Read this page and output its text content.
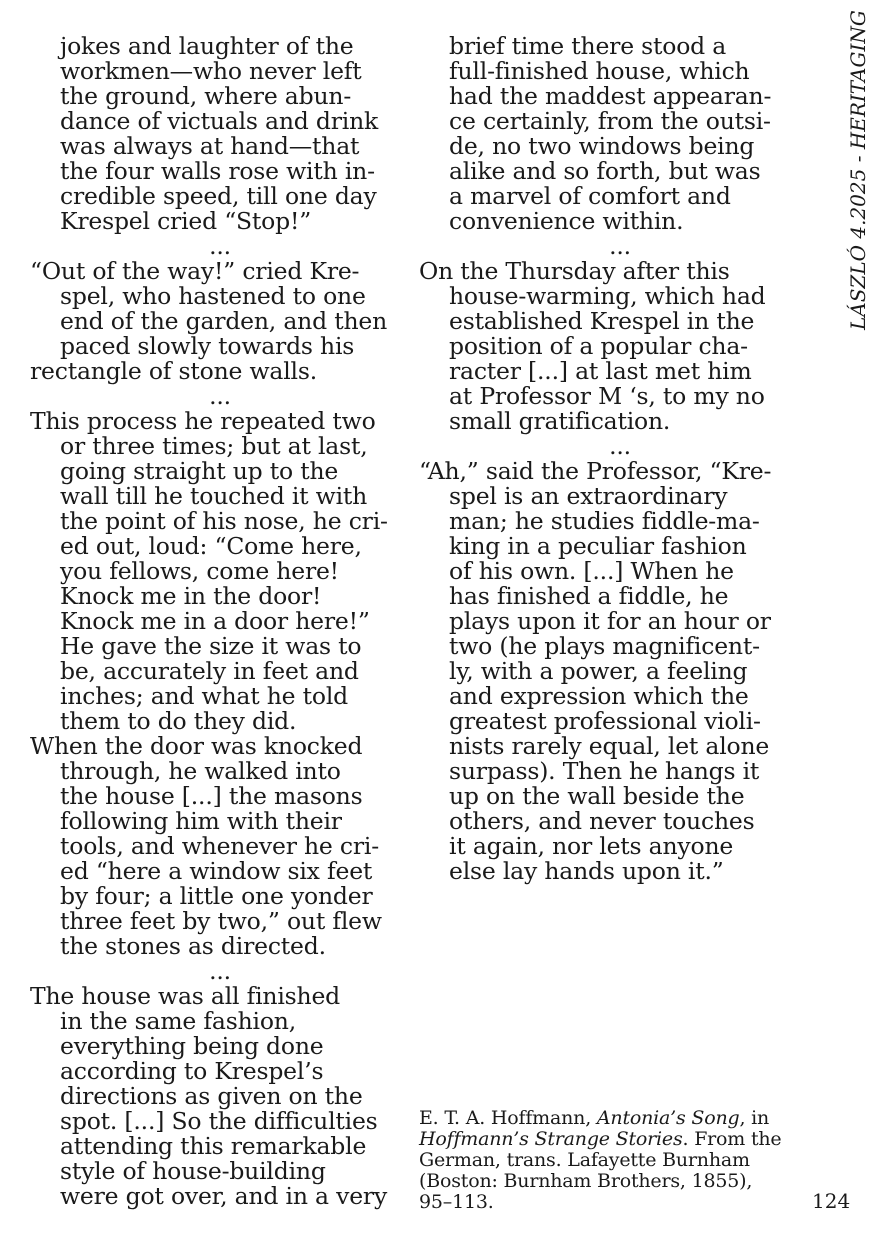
jokes and laughter of the
workmen—who never left
the ground, where abun-
dance of victuals and drink
was always at hand—that
the four walls rose with in-
credible speed, till one day
Krespel cried “Stop!”
...
“Out of the way!” cried Kre-
spel, who hastened to one
end of the garden, and then
paced slowly towards his
rectangle of stone walls.
...
This process he repeated two
or three times; but at last,
going straight up to the
wall till he touched it with
the point of his nose, he cri-
ed out, loud: “Come here,
you fellows, come here!
Knock me in the door!
Knock me in a door here!”
He gave the size it was to
be, accurately in feet and
inches; and what he told
them to do they did.
When the door was knocked
through, he walked into
the house [...] the masons
following him with their
tools, and whenever he cri-
ed “here a window six feet
by four; a little one yonder
three feet by two,” out flew
the stones as directed.
...
The house was all finished
in the same fashion,
everything being done
according to Krespel’s
directions as given on the
spot. [...] So the difficulties
attending this remarkable
style of house-building
were got over, and in a very
brief time there stood a
full-finished house, which
had the maddest appearan-
ce certainly, from the outsi-
de, no two windows being
alike and so forth, but was
a marvel of comfort and
convenience within.
...
On the Thursday after this
house-warming, which had
established Krespel in the
position of a popular cha-
racter [...] at last met him
at Professor M ‘s, to my no
small gratification.
...
“Ah,” said the Professor, “Kre-
spel is an extraordinary
man; he studies fiddle-ma-
king in a peculiar fashion
of his own. [...] When he
has finished a fiddle, he
plays upon it for an hour or
two (he plays magnificent-
ly, with a power, a feeling
and expression which the
greatest professional violi-
nists rarely equal, let alone
surpass). Then he hangs it
up on the wall beside the
others, and never touches
it again, nor lets anyone
else lay hands upon it.”
E. T. A. Hoffmann, Antonia’s Song, in
Hoffmann’s Strange Stories. From the
German, trans. Lafayette Burnham
(Boston: Burnham Brothers, 1855),
95–113.
LÁSZLÓ 4.2025 - HERITAGING
124
